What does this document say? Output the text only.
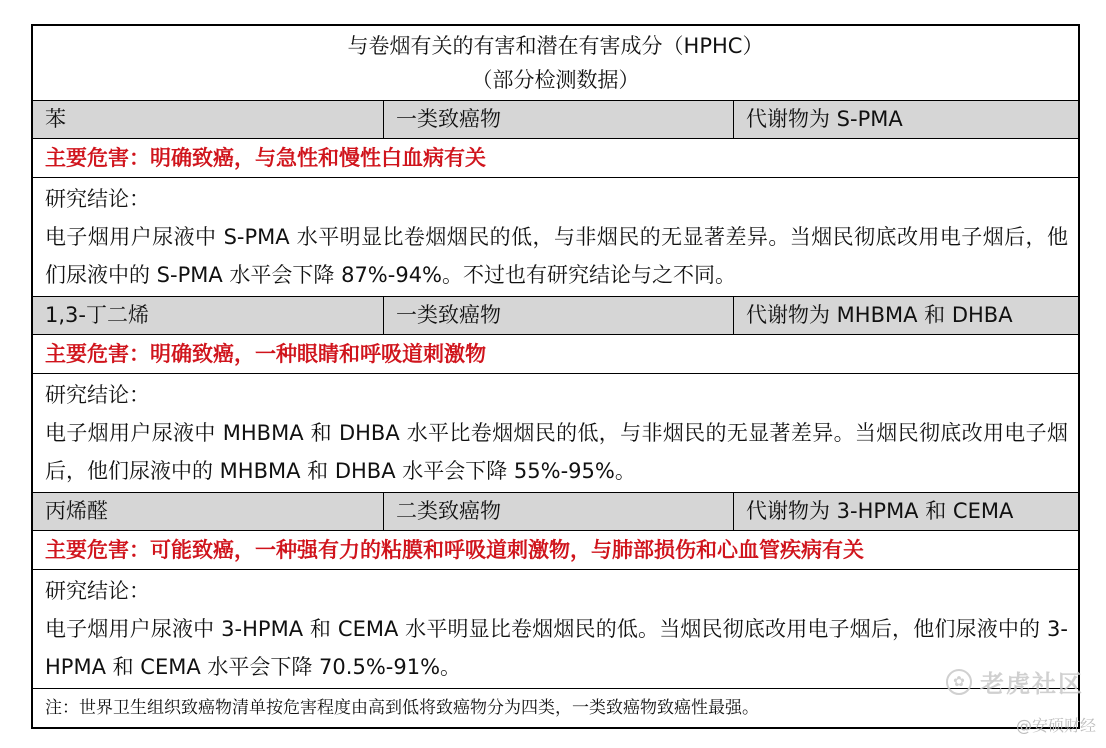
与卷烟有关的有害和潜在有害成分（HPHC）
（部分检测数据）
苯	一类致癌物	代谢物为 S-PMA
主要危害：明确致癌，与急性和慢性白血病有关

研究结论：

电子烟用户尿液中 S-PMA 水平明显比卷烟烟民的低，与非烟民的无显著差异。当烟民彻底改用电子烟后，他们尿液中的 S-PMA 水平会下降 87%-94%。不过也有研究结论与之不同。

1,3-丁二烯	一类致癌物	代谢物为 MHBMA 和 DHBA
主要危害：明确致癌，一种眼睛和呼吸道刺激物

研究结论：

电子烟用户尿液中 MHBMA 和 DHBA 水平比卷烟烟民的低，与非烟民的无显著差异。当烟民彻底改用电子烟后，他们尿液中的 MHBMA 和 DHBA 水平会下降 55%-95%。

丙烯醛	二类致癌物	代谢物为 3-HPMA 和 CEMA
主要危害：可能致癌，一种强有力的粘膜和呼吸道刺激物，与肺部损伤和心血管疾病有关

研究结论：

电子烟用户尿液中 3-HPMA 和 CEMA 水平明显比卷烟烟民的低。当烟民彻底改用电子烟后，他们尿液中的 3-HPMA 和 CEMA 水平会下降 70.5%-91%。

注：世界卫生组织致癌物清单按危害程度由高到低将致癌物分为四类，一类致癌物致癌性最强。
✿ 老虎社区
@安硕财经
